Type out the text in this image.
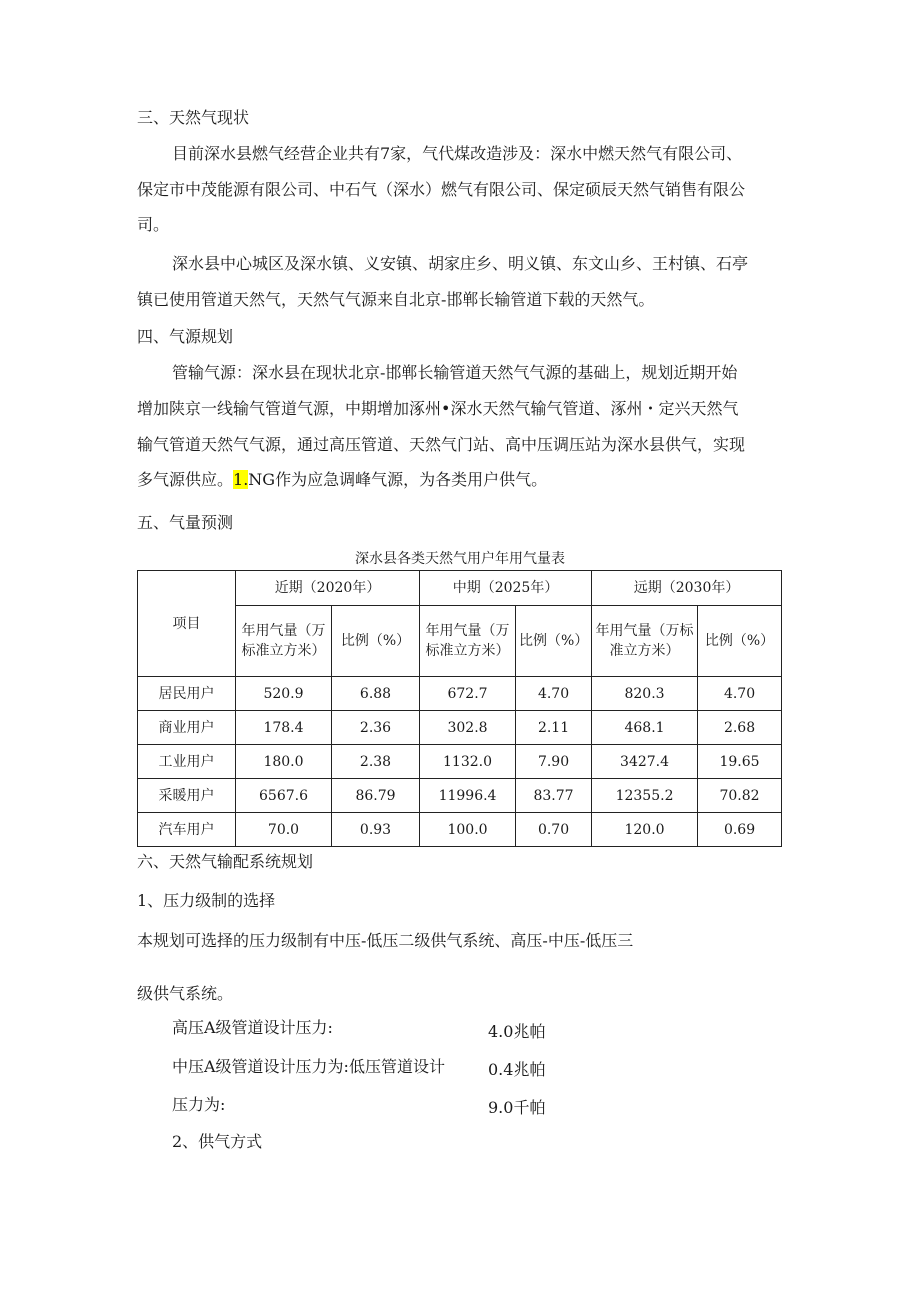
三、天然气现状
目前深水县燃气经营企业共有7家，气代煤改造涉及：深水中燃天然气有限公司、
保定市中茂能源有限公司、中石气（深水）燃气有限公司、保定硕辰天然气销售有限公
司。
深水县中心城区及深水镇、义安镇、胡家庄乡、明义镇、东文山乡、王村镇、石亭
镇已使用管道天然气，天然气气源来自北京-邯郸长输管道下载的天然气。
四、气源规划
管输气源：深水县在现状北京-邯郸长输管道天然气气源的基础上，规划近期开始
增加陕京一线输气管道气源，中期增加涿州•深水天然气输气管道、涿州・定兴天然气
输气管道天然气气源，通过高压管道、天然气门站、高中压调压站为深水县供气，实现
多气源供应。1.NG作为应急调峰气源，为各类用户供气。
五、气量预测
深水县各类天然气用户年用气量表
项目	近期（2020年）		中期（2025年）		远期（2030年）	
	年用气量（万标准立方米）	比例（%）	年用气量（万标准立方米）	比例（%）	年用气量（万标准立方米）	比例（%）
居民用户	520.9	6.88	672.7	4.70	820.3	4.70
商业用户	178.4	2.36	302.8	2.11	468.1	2.68
工业用户	180.0	2.38	1132.0	7.90	3427.4	19.65
采暖用户	6567.6	86.79	11996.4	83.77	12355.2	70.82
汽车用户	70.0	0.93	100.0	0.70	120.0	0.69
六、天然气输配系统规划
1、压力级制的选择
本规划可选择的压力级制有中压-低压二级供气系统、高压-中压-低压三
级供气系统。
高压A级管道设计压力:	4.0兆帕
中压A级管道设计压力为:低压管道设计	0.4兆帕
压力为:	9.0千帕
2、供气方式
